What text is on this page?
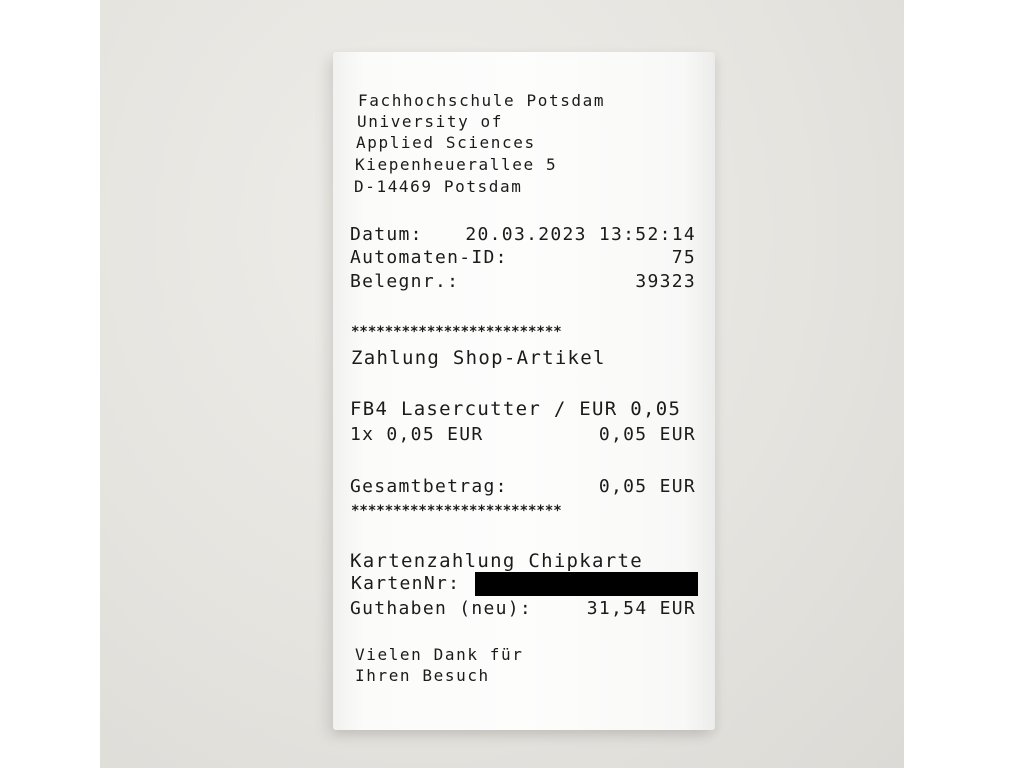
Fachhochschule Potsdam

University of

Applied Sciences

Kiepenheuerallee 5

D-14469 Potsdam

Datum: 20.03.2023 13:52:14
Automaten-ID:	75
Belegnr.:	39323
*************************

Zahlung Shop-Artikel

FB4 Lasercutter / EUR 0,05

1x 0,05 EUR	0,05 EUR
Gesamtbetrag:	0,05 EUR
*************************

Kartenzahlung Chipkarte

KartenNr:

Guthaben (neu):	31,54 EUR

Vielen Dank für

Ihren Besuch
